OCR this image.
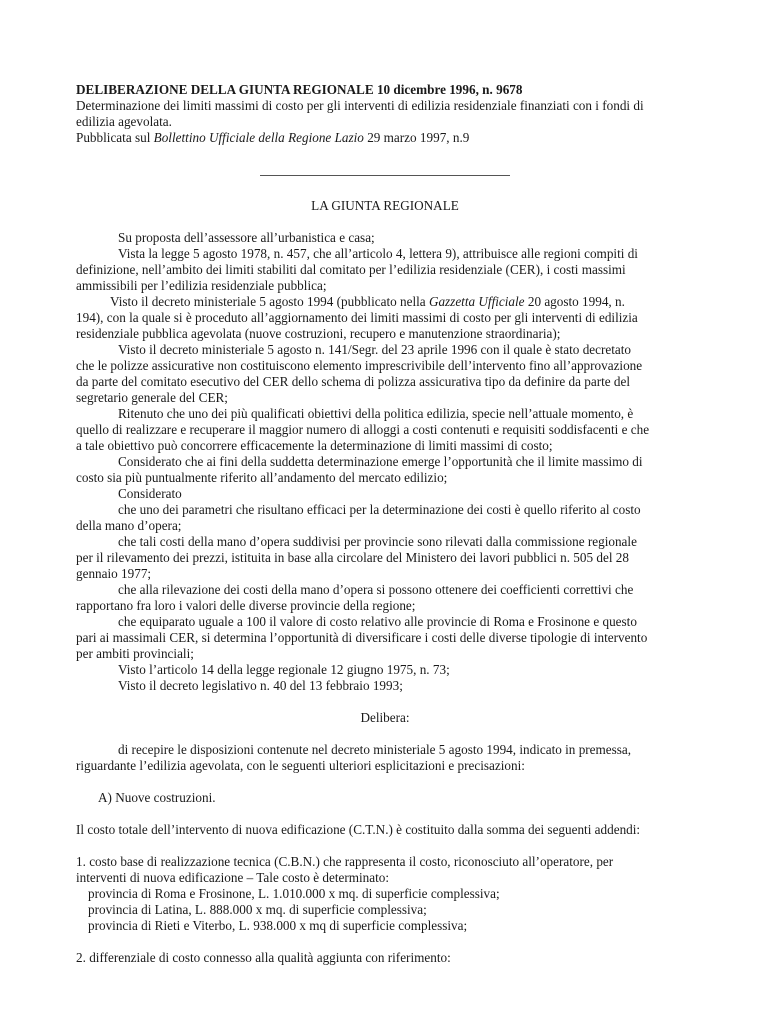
DELIBERAZIONE DELLA GIUNTA REGIONALE 10 dicembre 1996, n. 9678
Determinazione dei limiti massimi di costo per gli interventi di edilizia residenziale finanziati con i fondi di
edilizia agevolata.
Pubblicata sul Bollettino Ufficiale della Regione Lazio 29 marzo 1997, n.9
LA GIUNTA REGIONALE
Su proposta dell’assessore all’urbanistica e casa;
Vista la legge 5 agosto 1978, n. 457, che all’articolo 4, lettera 9), attribuisce alle regioni compiti di
definizione, nell’ambito dei limiti stabiliti dal comitato per l’edilizia residenziale (CER), i costi massimi
ammissibili per l’edilizia residenziale pubblica;
Visto il decreto ministeriale 5 agosto 1994 (pubblicato nella Gazzetta Ufficiale 20 agosto 1994, n.
194), con la quale si è proceduto all’aggiornamento dei limiti massimi di costo per gli interventi di edilizia
residenziale pubblica agevolata (nuove costruzioni, recupero e manutenzione straordinaria);
Visto il decreto ministeriale 5 agosto n. 141/Segr. del 23 aprile 1996 con il quale è stato decretato
che le polizze assicurative non costituiscono elemento imprescrivibile dell’intervento fino all’approvazione
da parte del comitato esecutivo del CER dello schema di polizza assicurativa tipo da definire da parte del
segretario generale del CER;
Ritenuto che uno dei più qualificati obiettivi della politica edilizia, specie nell’attuale momento, è
quello di realizzare e recuperare il maggior numero di alloggi a costi contenuti e requisiti soddisfacenti e che
a tale obiettivo può concorrere efficacemente la determinazione di limiti massimi di costo;
Considerato che ai fini della suddetta determinazione emerge l’opportunità che il limite massimo di
costo sia più puntualmente riferito all’andamento del mercato edilizio;
Considerato
che uno dei parametri che risultano efficaci per la determinazione dei costi è quello riferito al costo
della mano d’opera;
che tali costi della mano d’opera suddivisi per provincie sono rilevati dalla commissione regionale
per il rilevamento dei prezzi, istituita in base alla circolare del Ministero dei lavori pubblici n. 505 del 28
gennaio 1977;
che alla rilevazione dei costi della mano d’opera si possono ottenere dei coefficienti correttivi che
rapportano fra loro i valori delle diverse provincie della regione;
che equiparato uguale a 100 il valore di costo relativo alle provincie di Roma e Frosinone e questo
pari ai massimali CER, si determina l’opportunità di diversificare i costi delle diverse tipologie di intervento
per ambiti provinciali;
Visto l’articolo 14 della legge regionale 12 giugno 1975, n. 73;
Visto il decreto legislativo n. 40 del 13 febbraio 1993;
Delibera:
di recepire le disposizioni contenute nel decreto ministeriale 5 agosto 1994, indicato in premessa,
riguardante l’edilizia agevolata, con le seguenti ulteriori esplicitazioni e precisazioni:
A) Nuove costruzioni.
Il costo totale dell’intervento di nuova edificazione (C.T.N.) è costituito dalla somma dei seguenti addendi:
1. costo base di realizzazione tecnica (C.B.N.) che rappresenta il costo, riconosciuto all’operatore, per
interventi di nuova edificazione – Tale costo è determinato:
provincia di Roma e Frosinone, L. 1.010.000 x mq. di superficie complessiva;
provincia di Latina, L. 888.000 x mq. di superficie complessiva;
provincia di Rieti e Viterbo, L. 938.000 x mq di superficie complessiva;
2. differenziale di costo connesso alla qualità aggiunta con riferimento:
